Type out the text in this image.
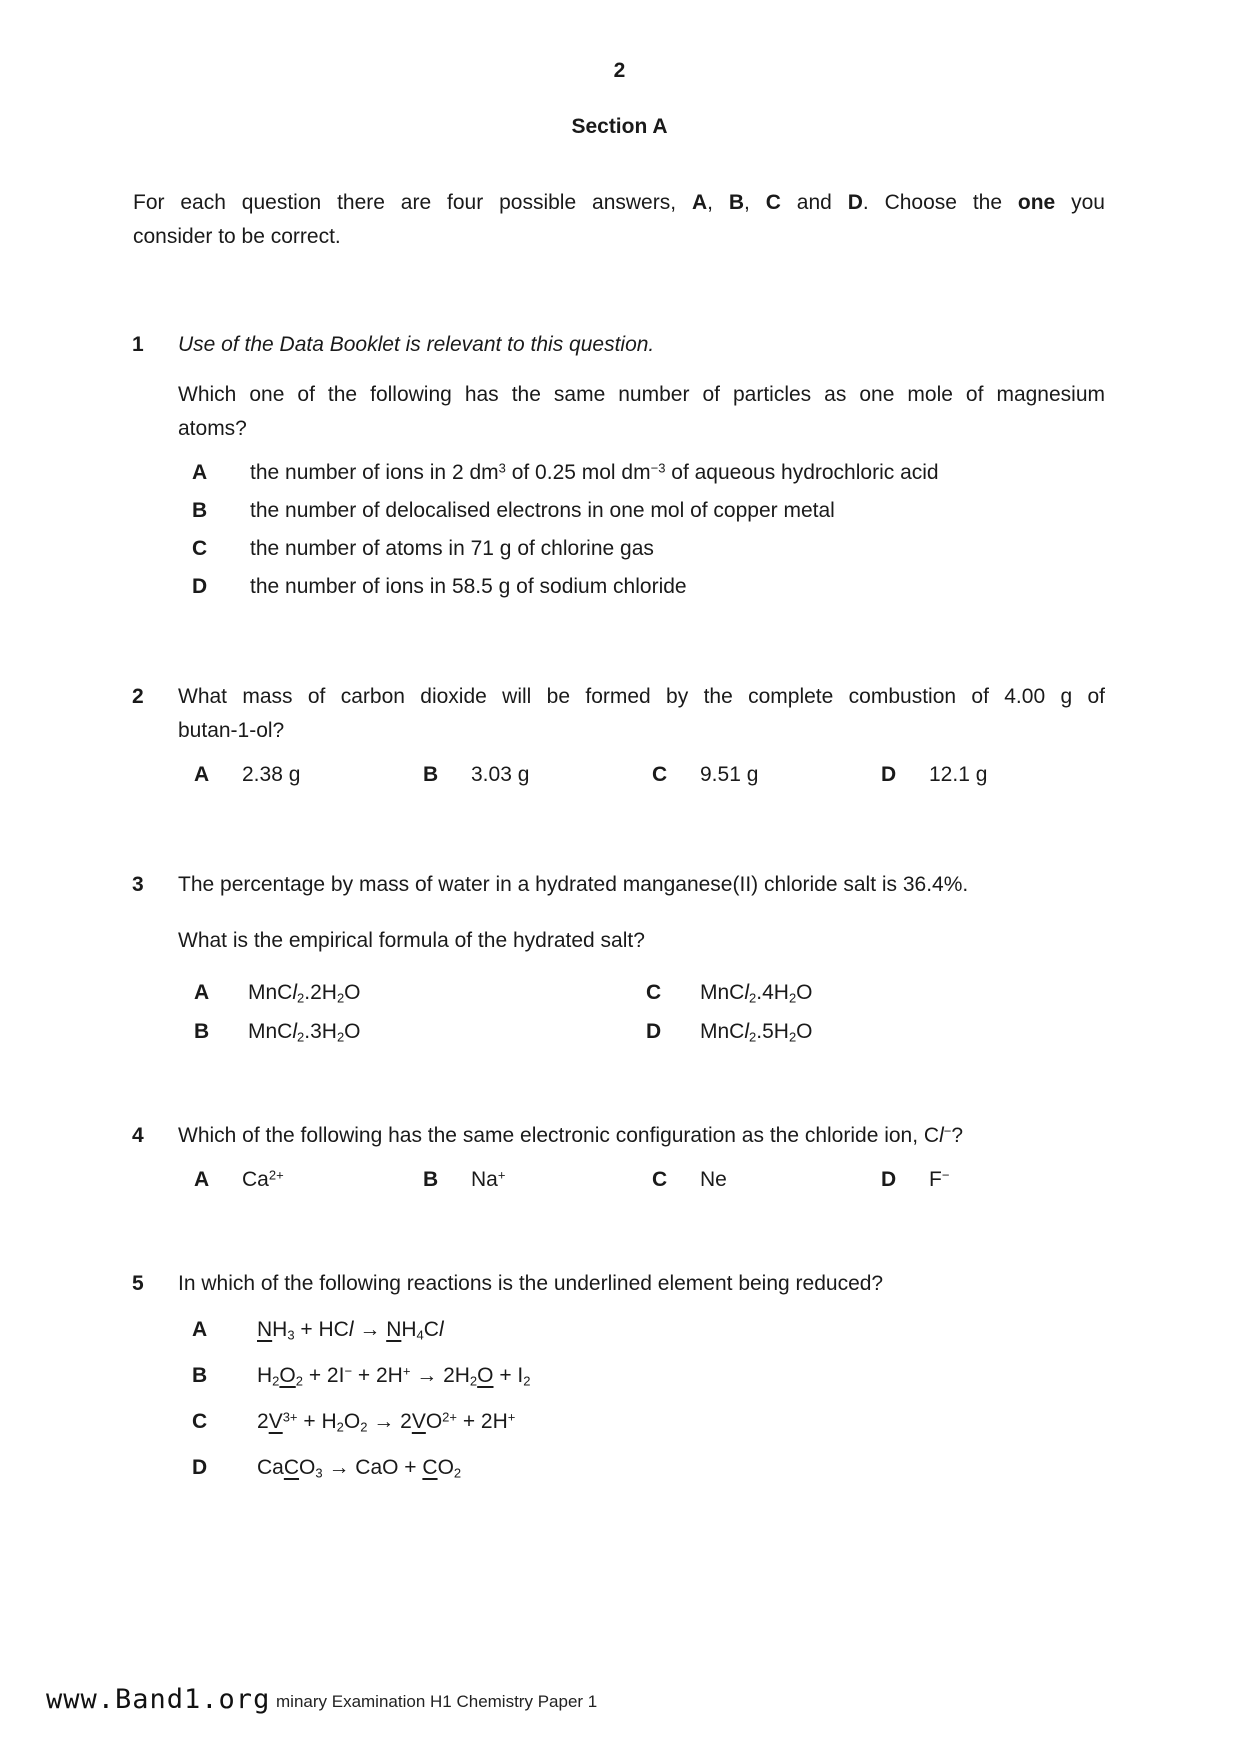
2
Section A
For each question there are four possible answers, A, B, C and D. Choose the one you
consider to be correct.
1	Use of the Data Booklet is relevant to this question.
Which one of the following has the same number of particles as one mole of magnesium
atoms?
A	the number of ions in 2 $dm^3$ of 0.25 mol $dm^{-3}$ of aqueous hydrochloric acid
B	the number of delocalised electrons in one mol of copper metal
C	the number of atoms in 71 g of chlorine gas
D	the number of ions in 58.5 g of sodium chloride
2	What mass of carbon dioxide will be formed by the complete combustion of 4.00 g of
butan-1-ol?
A	2.38 g	B	3.03 g	C	9.51 g	D	12.1 g
3	The percentage by mass of water in a hydrated manganese(II) chloride salt is 36.4%.
What is the empirical formula of the hydrated salt?
A	$MnCl_2.2H_2O$
B	$MnCl_2.3H_2O$
C	$MnCl_2.4H_2O$
D	$MnCl_2.5H_2O$
4	Which of the following has the same electronic configuration as the chloride ion, Cl−?
A	$Ca^{2+}$	B	Na+	C	Ne	D	F−
5	In which of the following reactions is the underlined element being reduced?
A	$NH_3$ + HCl → $NH_4Cl$
B	$H_2O_2 + 2I^- + 2H^+ \to 2H_2O + I_2$
C	$2V^{3+} + H_2O_2 \to 2VO^{2+} + 2H^+$
D	CaCO$_3$ → CaO + $CO_2$
www.Band1.org minary Examination H1 Chemistry Paper 1
